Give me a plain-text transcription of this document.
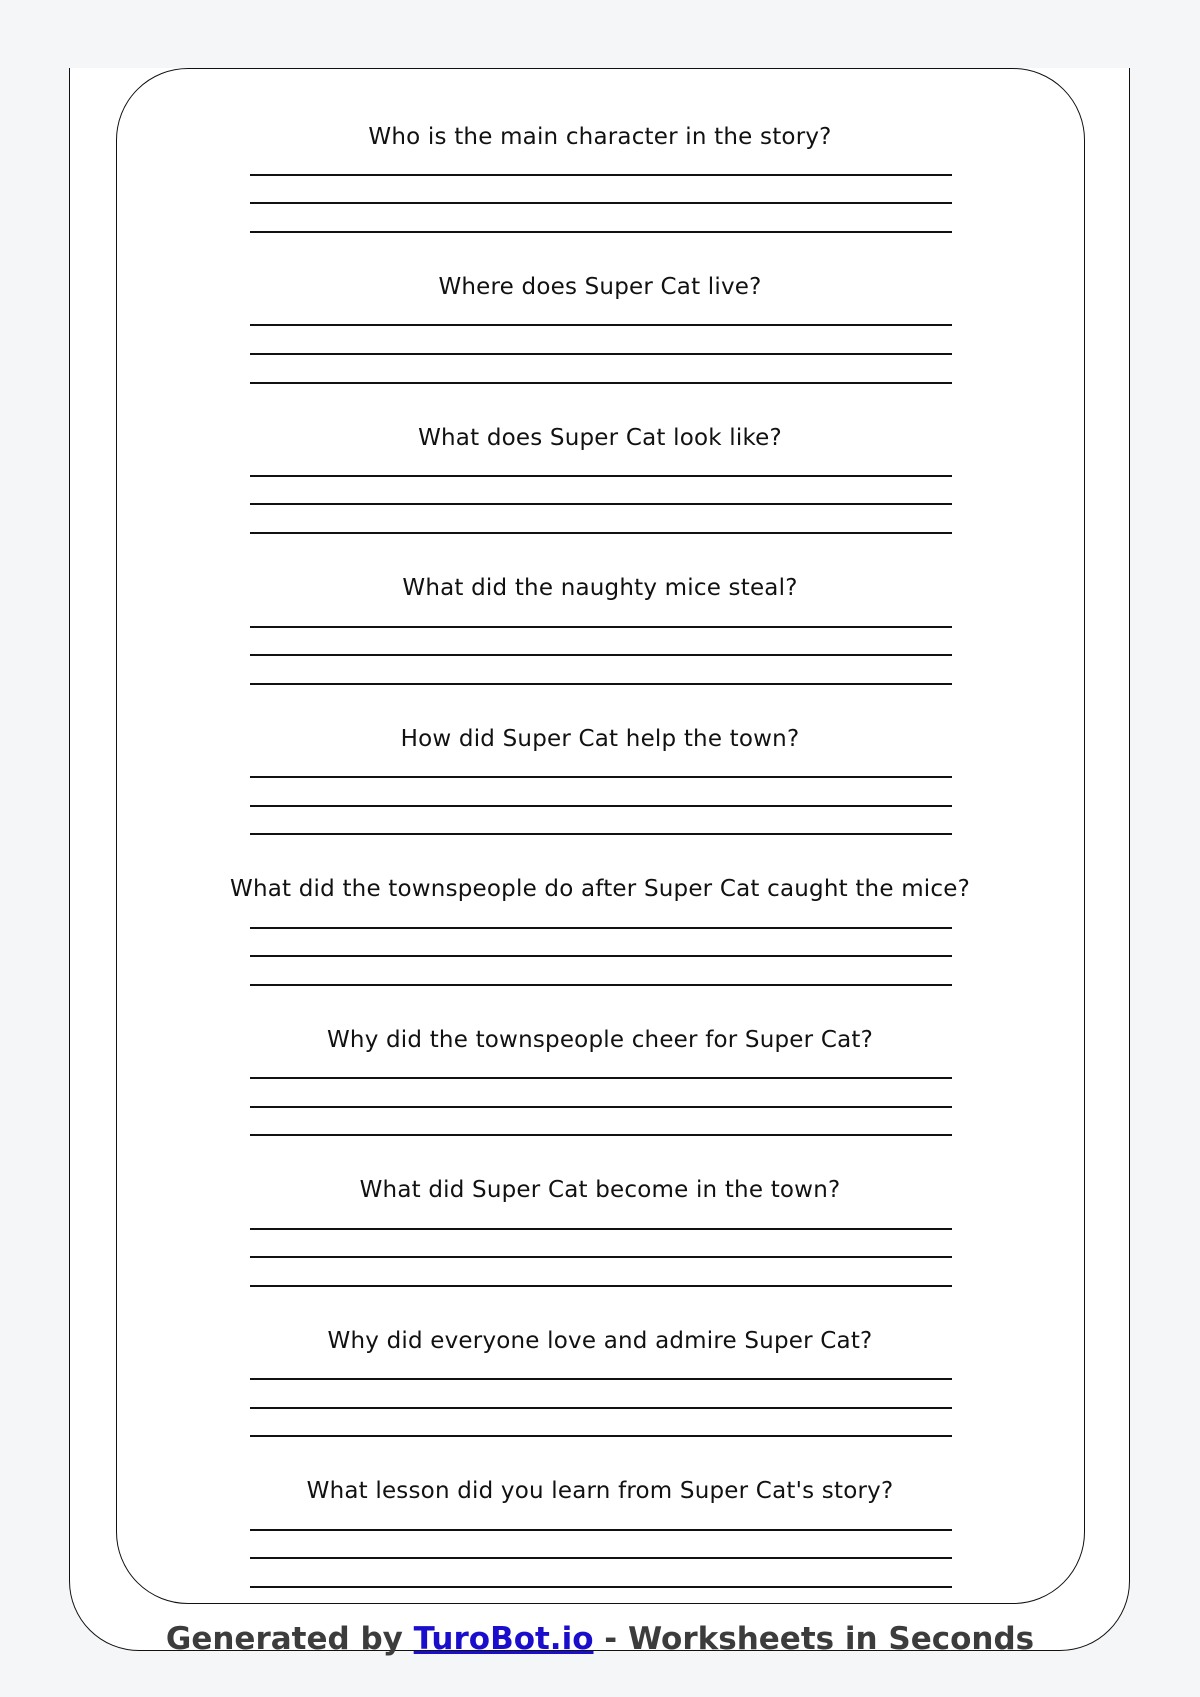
Who is the main character in the story?
Where does Super Cat live?
What does Super Cat look like?
What did the naughty mice steal?
How did Super Cat help the town?
What did the townspeople do after Super Cat caught the mice?
Why did the townspeople cheer for Super Cat?
What did Super Cat become in the town?
Why did everyone love and admire Super Cat?
What lesson did you learn from Super Cat's story?
Generated by TuroBot.io - Worksheets in Seconds
